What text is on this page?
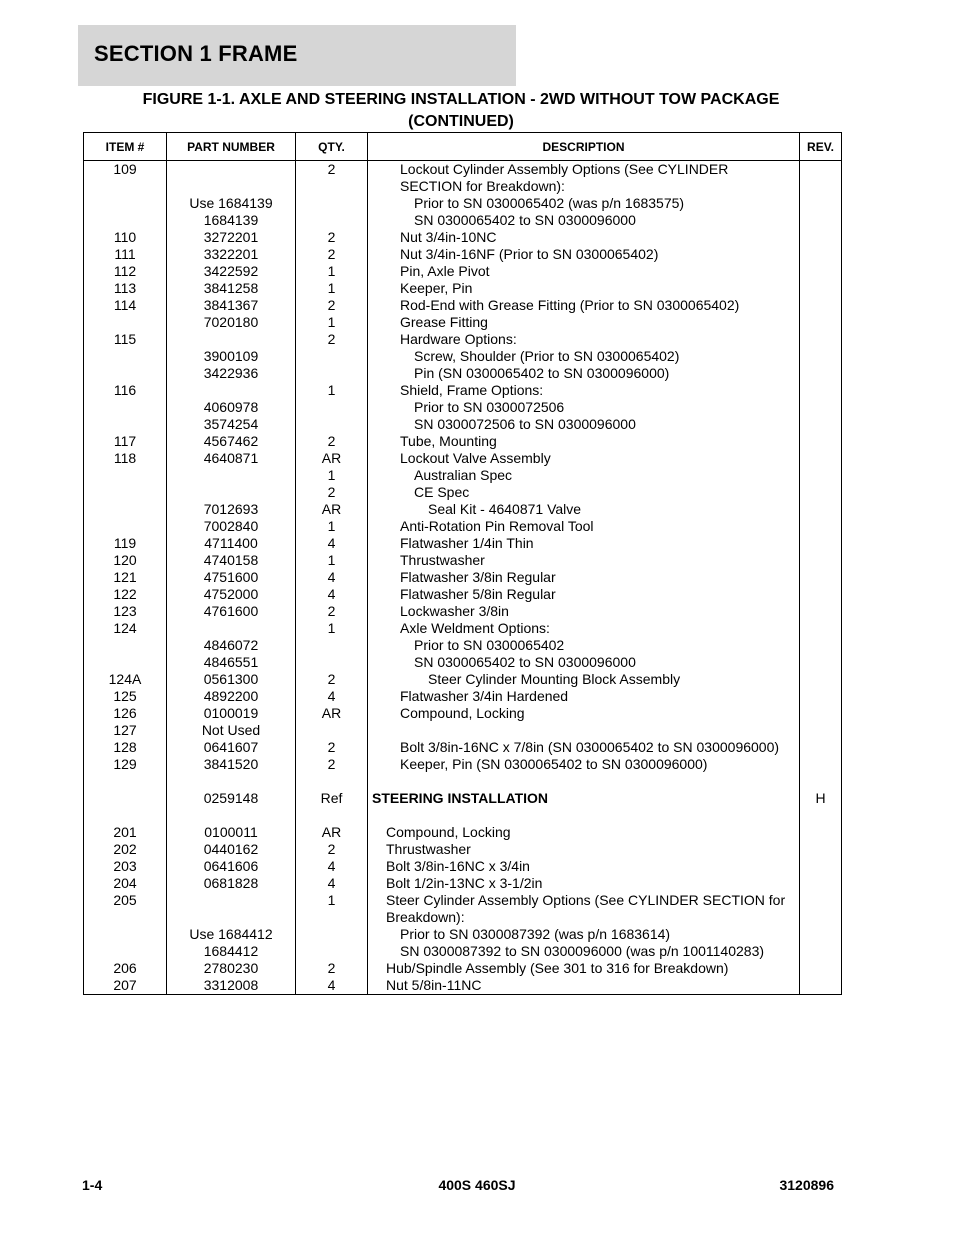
SECTION 1 FRAME
FIGURE 1-1. AXLE AND STEERING INSTALLATION - 2WD WITHOUT TOW PACKAGE
(CONTINUED)
ITEM #	PART NUMBER	QTY.	DESCRIPTION	REV.
109		2	Lockout Cylinder Assembly Options (See CYLINDER SECTION for Breakdown):	
	Use 1684139		Prior to SN 0300065402 (was p/n 1683575)	
	1684139		SN 0300065402 to SN 0300096000	
110	3272201	2	Nut 3/4in-10NC	
111	3322201	2	Nut 3/4in-16NF (Prior to SN 0300065402)	
112	3422592	1	Pin, Axle Pivot	
113	3841258	1	Keeper, Pin	
114	3841367	2	Rod-End with Grease Fitting (Prior to SN 0300065402)	
	7020180	1	Grease Fitting	
115		2	Hardware Options:	
	3900109		Screw, Shoulder (Prior to SN 0300065402)	
	3422936		Pin (SN 0300065402 to SN 0300096000)	
116		1	Shield, Frame Options:	
	4060978		Prior to SN 0300072506	
	3574254		SN 0300072506 to SN 0300096000	
117	4567462	2	Tube, Mounting	
118	4640871	AR	Lockout Valve Assembly	
		1	Australian Spec	
		2	CE Spec	
	7012693	AR	Seal Kit - 4640871 Valve	
	7002840	1	Anti-Rotation Pin Removal Tool	
119	4711400	4	Flatwasher 1/4in Thin	
120	4740158	1	Thrustwasher	
121	4751600	4	Flatwasher 3/8in Regular	
122	4752000	4	Flatwasher 5/8in Regular	
123	4761600	2	Lockwasher 3/8in	
124		1	Axle Weldment Options:	
	4846072		Prior to SN 0300065402	
	4846551		SN 0300065402 to SN 0300096000	
124A	0561300	2	Steer Cylinder Mounting Block Assembly	
125	4892200	4	Flatwasher 3/4in Hardened	
126	0100019	AR	Compound, Locking	
127	Not Used			
128	0641607	2	Bolt 3/8in-16NC x 7/8in (SN 0300065402 to SN 0300096000)	
129	3841520	2	Keeper, Pin (SN 0300065402 to SN 0300096000)	

	0259148	Ref	STEERING INSTALLATION	H

201	0100011	AR	Compound, Locking	
202	0440162	2	Thrustwasher	
203	0641606	4	Bolt 3/8in-16NC x 3/4in	
204	0681828	4	Bolt 1/2in-13NC x 3-1/2in	
205		1	Steer Cylinder Assembly Options (See CYLINDER SECTION for Breakdown):	
	Use 1684412		Prior to SN 0300087392 (was p/n 1683614)	
	1684412		SN 0300087392 to SN 0300096000 (was p/n 1001140283)	
206	2780230	2	Hub/Spindle Assembly (See 301 to 316 for Breakdown)	
207	3312008	4	Nut 5/8in-11NC	
1-4	400S 460SJ	3120896
